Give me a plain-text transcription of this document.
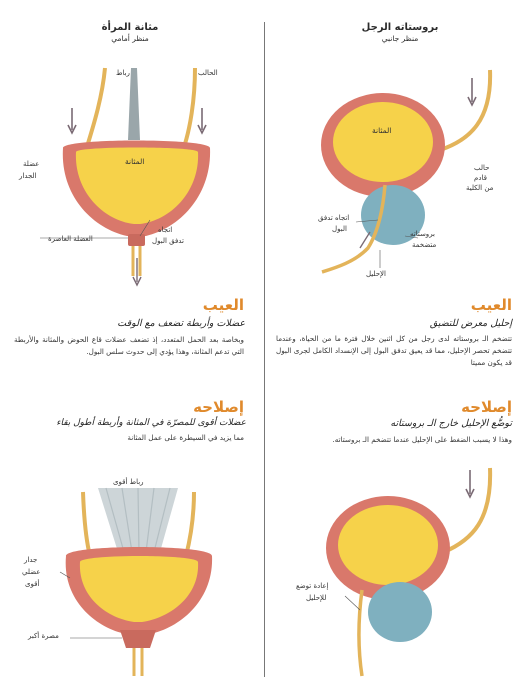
مثانة المرأة
منظر أمامي
رباط	الحالب
المثانة
عضلة
الجدار
العضلة العاصرة
اتجاه
تدفق البول
العيب
عضلات وأربطة تضعف مع الوقت
وبخاصة بعد الحمل المتعدد، إذ تضعف عضلات قاع الحوض والمثانة والأربطة التي تدعم المثانة، وهذا يؤدي إلى حدوث سلس البول.
إصلاحه
عضلات أقوى للمصرّة في المثانة وأربطة أطول بقاء
مما يزيد في السيطرة على عمل المثانة
رباط أقوى
جدار
عضلي
أقوى
مصرة أكبر
بروستاته الرجل
منظر جانبي
المثانة
حالب
قادم
من الكلية
اتجاه تدفق
البول
بروستاته
متضخمة
الإحليل
العيب
إحليل معرض للتضيق
تتضخم الـ بروستاته لدى رجل من كل اثنين خلال فترة ما من الحياة، وعندما تتضخم تحصر الإحليل، مما قد يعيق تدفق البول إلى الإنسداد الكامل لجرى البول قد يكون مميتا
إصلاحه
توضُّع الإحليل خارج الـ بروستاته
وهذا لا يسبب الضغط على الإحليل عندما تتضخم الـ بروستاته.
إعادة توضع
للإحليل
